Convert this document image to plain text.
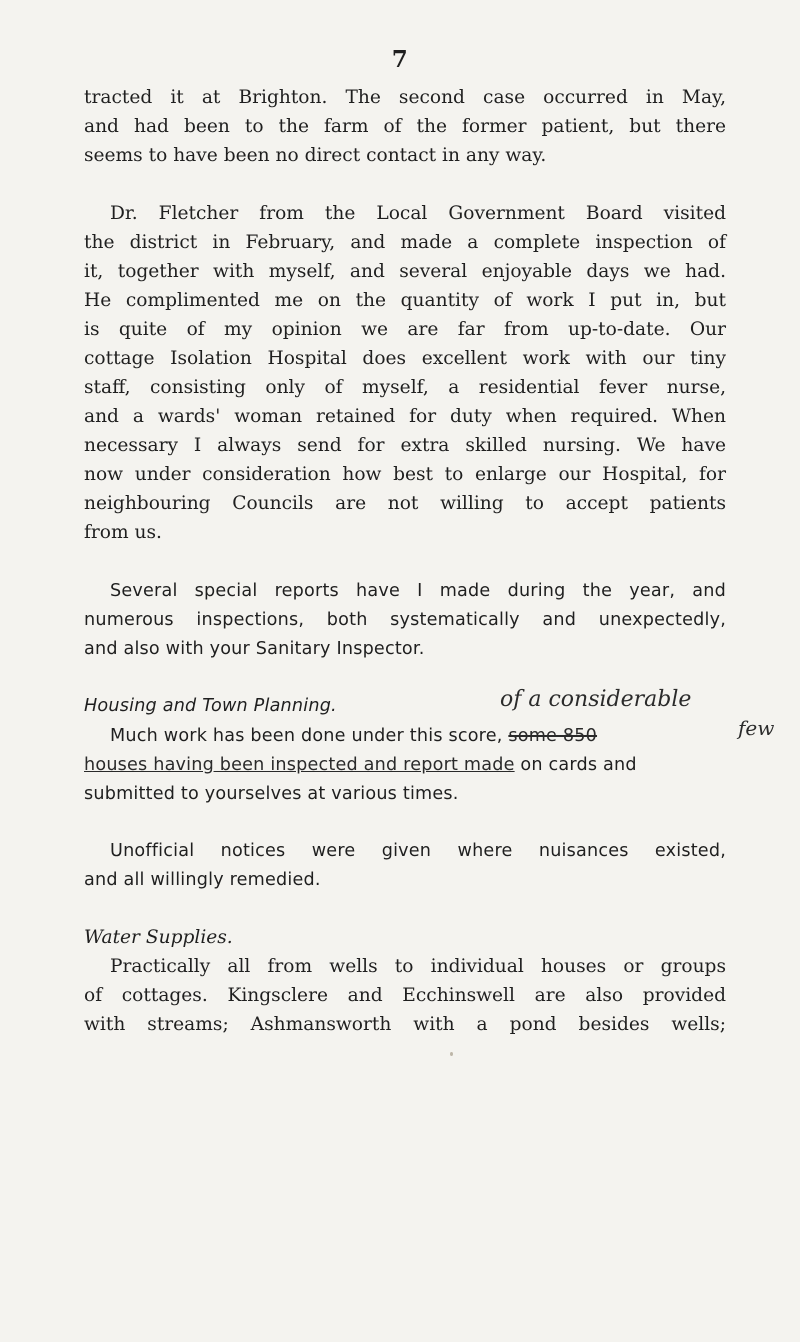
7
tracted it at Brighton. The second case occurred in May,
and had been to the farm of the former patient, but there
seems to have been no direct contact in any way.
Dr. Fletcher from the Local Government Board visited
the district in February, and made a complete inspection of
it, together with myself, and several enjoyable days we had.
He complimented me on the quantity of work I put in, but
is quite of my opinion we are far from up-to-date. Our
cottage Isolation Hospital does excellent work with our tiny
staff, consisting only of myself, a residential fever nurse,
and a wards' woman retained for duty when required. When
necessary I always send for extra skilled nursing. We have
now under consideration how best to enlarge our Hospital, for
neighbouring Councils are not willing to accept patients
from us.
Several special reports have I made during the year, and
numerous inspections, both systematically and unexpectedly,
and also with your Sanitary Inspector.
Housing and Town Planning.	of a considerable
Much work has been done under this score, some 850	few
houses having been inspected and report made on cards and
submitted to yourselves at various times.
Unofficial notices were given where nuisances existed,
and all willingly remedied.
Water Supplies.
Practically all from wells to individual houses or groups
of cottages. Kingsclere and Ecchinswell are also provided
with streams; Ashmansworth with a pond besides wells;
